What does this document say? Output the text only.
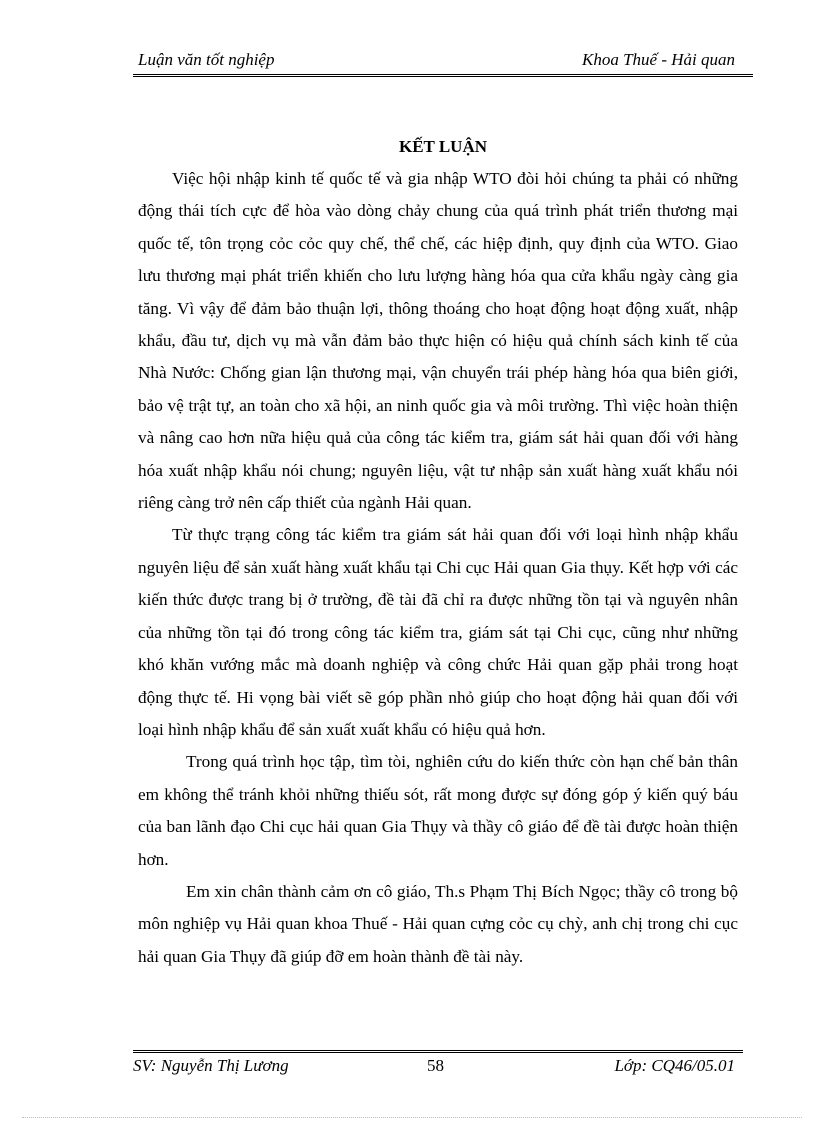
Luận văn tốt nghiệp	Khoa Thuế - Hải quan
KẾT LUẬN

Việc hội nhập kinh tế quốc tế và gia nhập WTO đòi hỏi chúng ta phải có những động thái tích cực để hòa vào dòng chảy chung của quá trình phát triển thương mại quốc tế, tôn trọng cỏc cỏc quy chế, thể chế, các hiệp định, quy định của WTO. Giao lưu thương mại phát triển khiến cho lưu lượng hàng hóa qua cửa khẩu ngày càng gia tăng. Vì vậy để đảm bảo thuận lợi, thông thoáng cho hoạt động hoạt động xuất, nhập khẩu, đầu tư, dịch vụ mà vẫn đảm bảo thực hiện có hiệu quả chính sách kinh tế của Nhà Nước: Chống gian lận thương mại, vận chuyển trái phép hàng hóa qua biên giới, bảo vệ trật tự, an toàn cho xã hội, an ninh quốc gia và môi trường. Thì việc hoàn thiện và nâng cao hơn nữa hiệu quả của công tác kiểm tra, giám sát hải quan đối với hàng hóa xuất nhập khẩu nói chung; nguyên liệu, vật tư nhập sản xuất hàng xuất khẩu nói riêng càng trở nên cấp thiết của ngành Hải quan.

Từ thực trạng công tác kiểm tra giám sát hải quan đối với loại hình nhập khẩu nguyên liệu để sản xuất hàng xuất khẩu tại Chi cục Hải quan Gia thụy. Kết hợp với các kiến thức được trang bị ở trường, đề tài đã chỉ ra được những tồn tại và nguyên nhân của những tồn tại đó trong công tác kiểm tra, giám sát tại Chi cục, cũng như những khó khăn vướng mắc mà doanh nghiệp và công chức Hải quan gặp phải trong hoạt động thực tế. Hi vọng bài viết sẽ góp phần nhỏ giúp cho hoạt động hải quan đối với loại hình nhập khẩu để sản xuất xuất khẩu có hiệu quả hơn.

Trong quá trình học tập, tìm tòi, nghiên cứu do kiến thức còn hạn chế bản thân em không thể tránh khỏi những thiếu sót, rất mong được sự đóng góp ý kiến quý báu của ban lãnh đạo Chi cục hải quan Gia Thụy và thầy cô giáo để đề tài được hoàn thiện hơn.

Em xin chân thành cảm ơn cô giáo, Th.s Phạm Thị Bích Ngọc; thầy cô trong bộ môn nghiệp vụ Hải quan khoa Thuế - Hải quan cựng cỏc cụ chỳ, anh chị trong chi cục hải quan Gia Thụy đã giúp đỡ em hoàn thành đề tài này.

SV: Nguyễn Thị Lương	58	Lớp: CQ46/05.01
